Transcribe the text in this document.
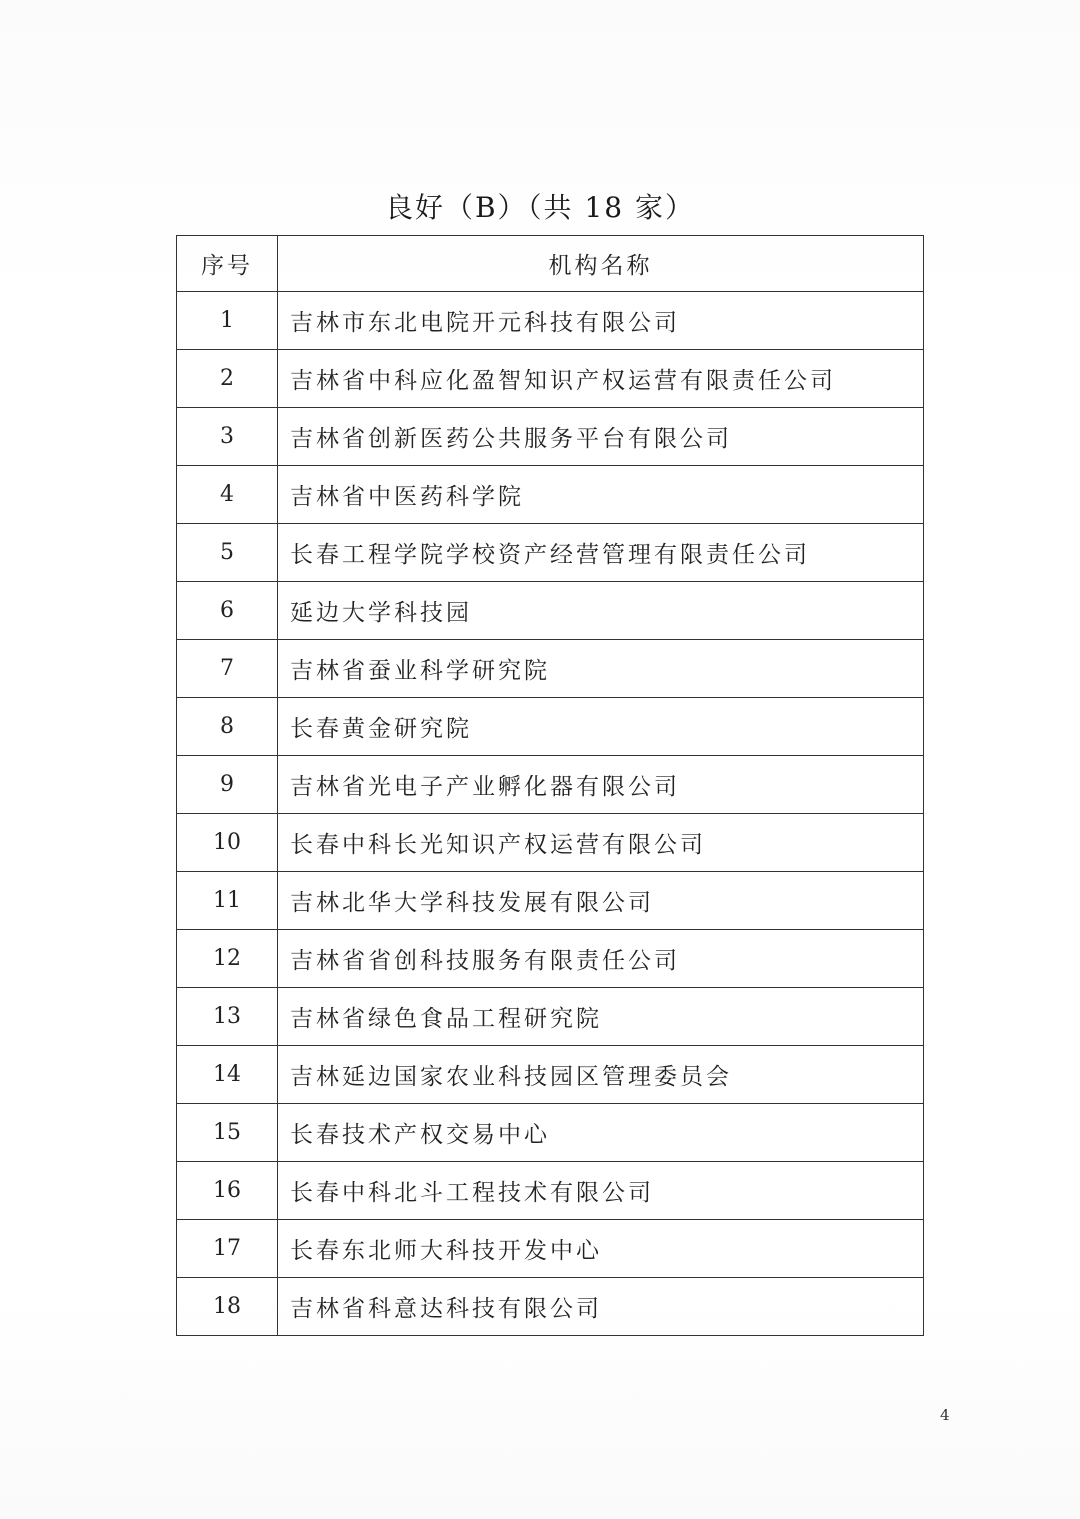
良好（B）（共 18 家）
序号	机构名称
1	吉林市东北电院开元科技有限公司
2	吉林省中科应化盈智知识产权运营有限责任公司
3	吉林省创新医药公共服务平台有限公司
4	吉林省中医药科学院
5	长春工程学院学校资产经营管理有限责任公司
6	延边大学科技园
7	吉林省蚕业科学研究院
8	长春黄金研究院
9	吉林省光电子产业孵化器有限公司
10	长春中科长光知识产权运营有限公司
11	吉林北华大学科技发展有限公司
12	吉林省省创科技服务有限责任公司
13	吉林省绿色食品工程研究院
14	吉林延边国家农业科技园区管理委员会
15	长春技术产权交易中心
16	长春中科北斗工程技术有限公司
17	长春东北师大科技开发中心
18	吉林省科意达科技有限公司
4
